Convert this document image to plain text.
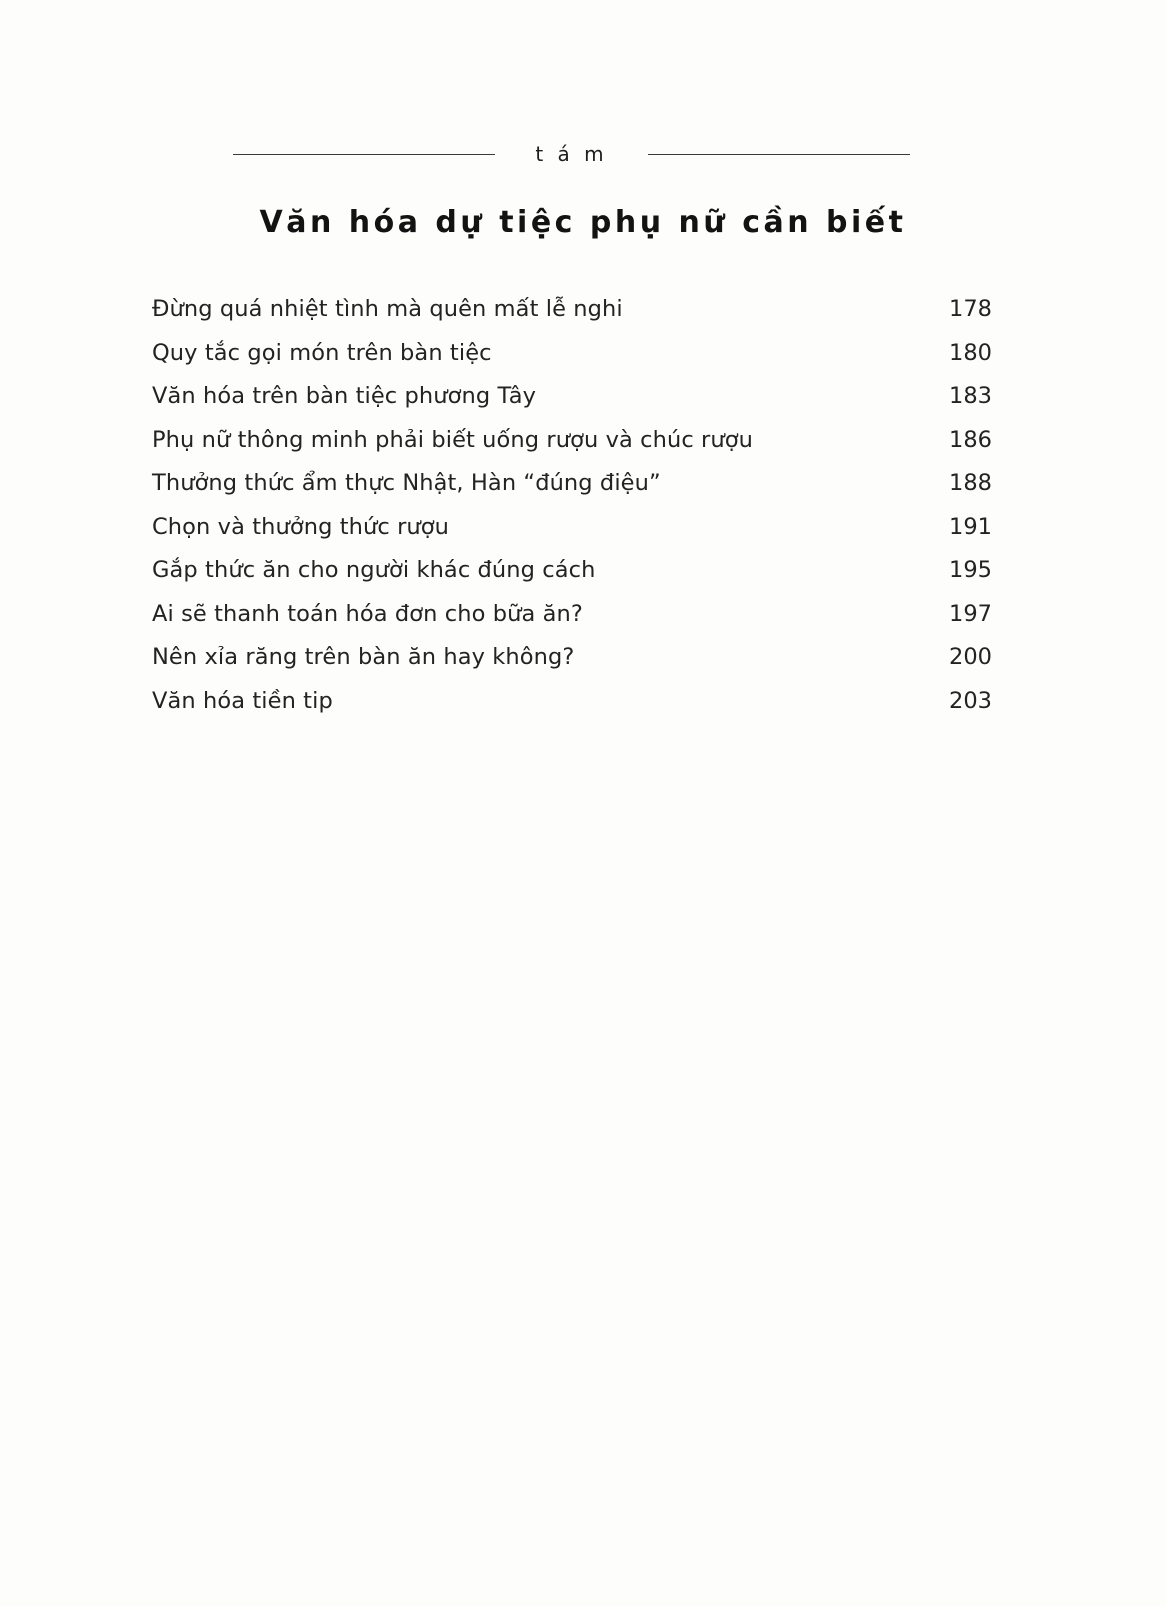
t á m
Văn hóa dự tiệc phụ nữ cần biết
Đừng quá nhiệt tình mà quên mất lễ nghi	178
Quy tắc gọi món trên bàn tiệc	180
Văn hóa trên bàn tiệc phương Tây	183
Phụ nữ thông minh phải biết uống rượu và chúc rượu	186
Thưởng thức ẩm thực Nhật, Hàn “đúng điệu”	188
Chọn và thưởng thức rượu	191
Gắp thức ăn cho người khác đúng cách	195
Ai sẽ thanh toán hóa đơn cho bữa ăn?	197
Nên xỉa răng trên bàn ăn hay không?	200
Văn hóa tiền tip	203
